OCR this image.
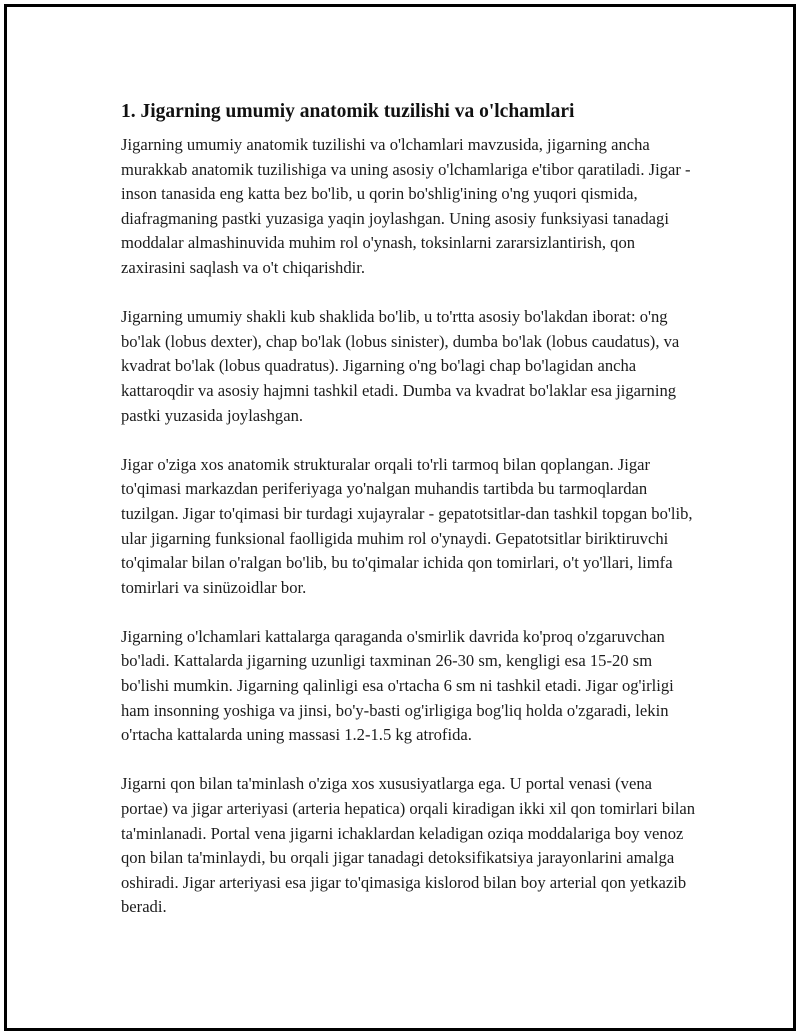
1. Jigarning umumiy anatomik tuzilishi va o'lchamlari

Jigarning umumiy anatomik tuzilishi va o'lchamlari mavzusida, jigarning ancha murakkab anatomik tuzilishiga va uning asosiy o'lchamlariga e'tibor qaratiladi. Jigar - inson tanasida eng katta bez bo'lib, u qorin bo'shlig'ining o'ng yuqori qismida, diafragmaning pastki yuzasiga yaqin joylashgan. Uning asosiy funksiyasi tanadagi moddalar almashinuvida muhim rol o'ynash, toksinlarni zararsizlantirish, qon zaxirasini saqlash va o't chiqarishdir.

Jigarning umumiy shakli kub shaklida bo'lib, u to'rtta asosiy bo'lakdan iborat: o'ng bo'lak (lobus dexter), chap bo'lak (lobus sinister), dumba bo'lak (lobus caudatus), va kvadrat bo'lak (lobus quadratus). Jigarning o'ng bo'lagi chap bo'lagidan ancha kattaroqdir va asosiy hajmni tashkil etadi. Dumba va kvadrat bo'laklar esa jigarning pastki yuzasida joylashgan.

Jigar o'ziga xos anatomik strukturalar orqali to'rli tarmoq bilan qoplangan. Jigar to'qimasi markazdan periferiyaga yo'nalgan muhandis tartibda bu tarmoqlardan tuzilgan. Jigar to'qimasi bir turdagi xujayralar - gepatotsitlar-dan tashkil topgan bo'lib, ular jigarning funksional faolligida muhim rol o'ynaydi. Gepatotsitlar biriktiruvchi to'qimalar bilan o'ralgan bo'lib, bu to'qimalar ichida qon tomirlari, o't yo'llari, limfa tomirlari va sinüzoidlar bor.

Jigarning o'lchamlari kattalarga qaraganda o'smirlik davrida ko'proq o'zgaruvchan bo'ladi. Kattalarda jigarning uzunligi taxminan 26-30 sm, kengligi esa 15-20 sm bo'lishi mumkin. Jigarning qalinligi esa o'rtacha 6 sm ni tashkil etadi. Jigar og'irligi ham insonning yoshiga va jinsi, bo'y-basti og'irligiga bog'liq holda o'zgaradi, lekin o'rtacha kattalarda uning massasi 1.2-1.5 kg atrofida.

Jigarni qon bilan ta'minlash o'ziga xos xususiyatlarga ega. U portal venasi (vena portae) va jigar arteriyasi (arteria hepatica) orqali kiradigan ikki xil qon tomirlari bilan ta'minlanadi. Portal vena jigarni ichaklardan keladigan oziqa moddalariga boy venoz qon bilan ta'minlaydi, bu orqali jigar tanadagi detoksifikatsiya jarayonlarini amalga oshiradi. Jigar arteriyasi esa jigar to'qimasiga kislorod bilan boy arterial qon yetkazib beradi.
